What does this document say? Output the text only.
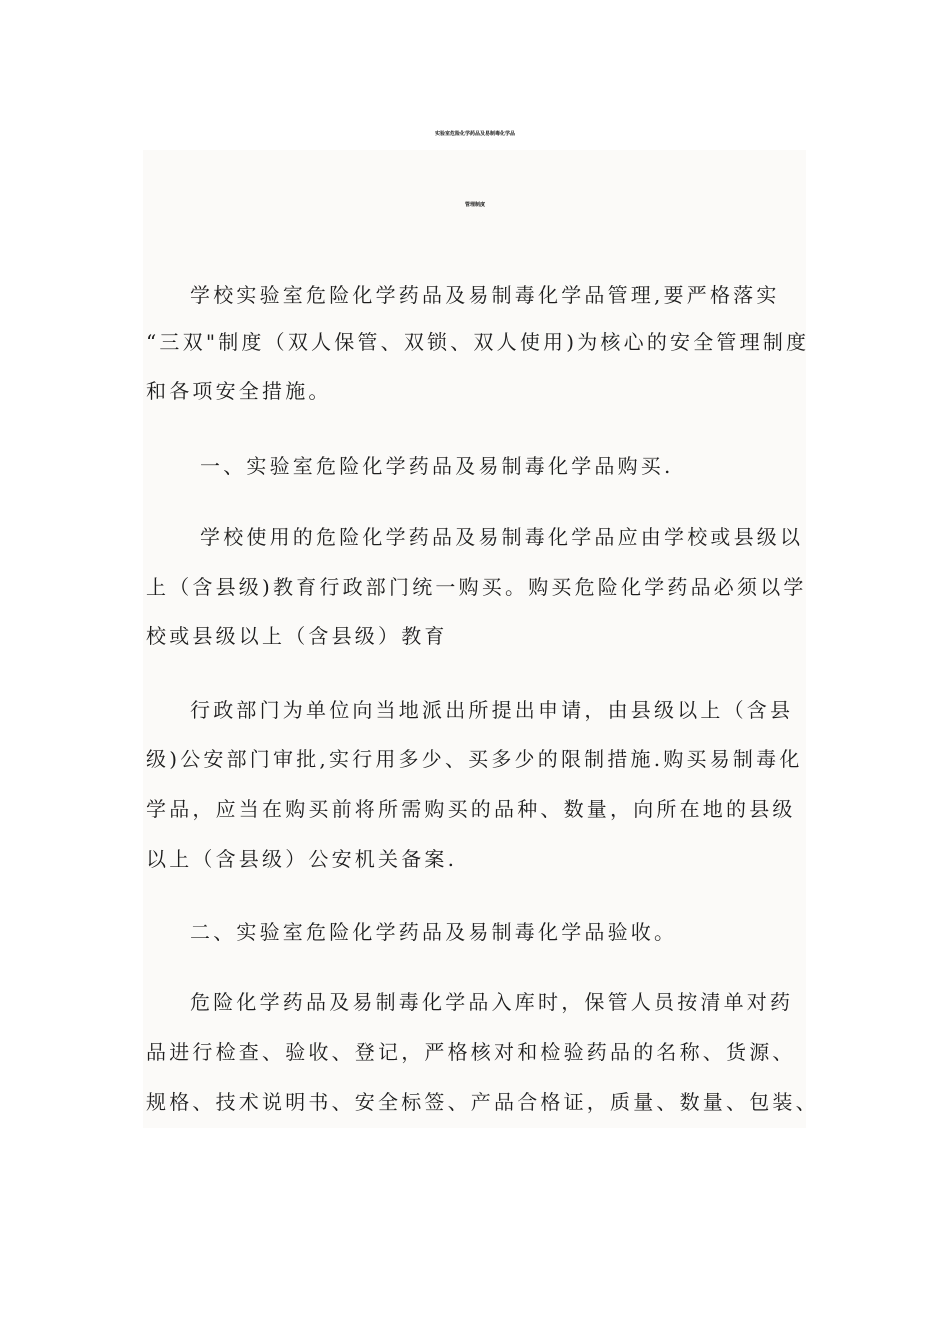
实验室危险化学药品及易制毒化学品
管理制度
学校实验室危险化学药品及易制毒化学品管理,要严格落实
“三双"制度（双人保管、双锁、双人使用)为核心的安全管理制度
和各项安全措施。
一、实验室危险化学药品及易制毒化学品购买.
学校使用的危险化学药品及易制毒化学品应由学校或县级以
上（含县级)教育行政部门统一购买。购买危险化学药品必须以学
校或县级以上（含县级）教育
行政部门为单位向当地派出所提出申请，由县级以上（含县
级)公安部门审批,实行用多少、买多少的限制措施.购买易制毒化
学品，应当在购买前将所需购买的品种、数量，向所在地的县级
以上（含县级）公安机关备案.
二、实验室危险化学药品及易制毒化学品验收。
危险化学药品及易制毒化学品入库时，保管人员按清单对药
品进行检查、验收、登记，严格核对和检验药品的名称、货源、
规格、技术说明书、安全标签、产品合格证，质量、数量、包装、
